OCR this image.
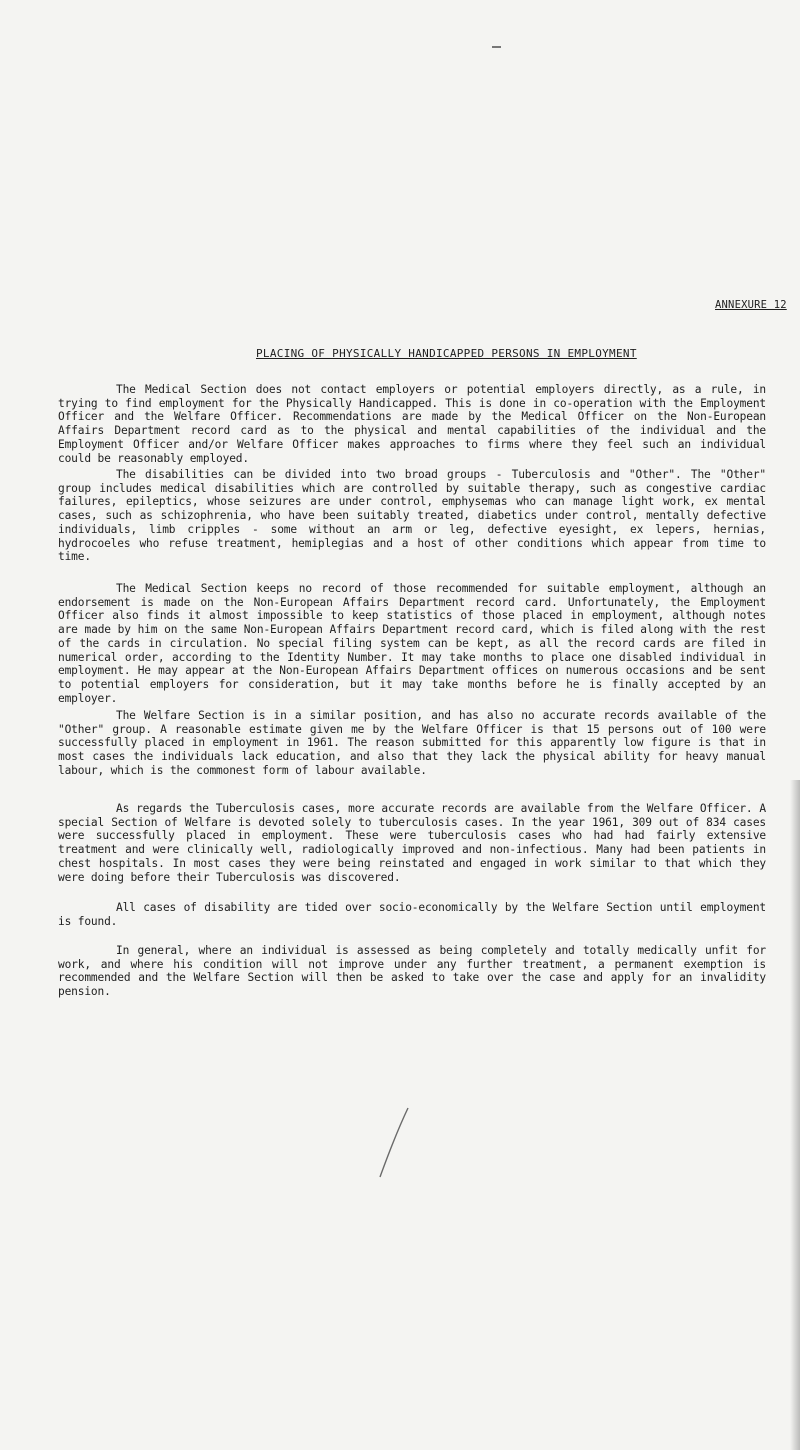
ANNEXURE 12
PLACING OF PHYSICALLY HANDICAPPED PERSONS IN EMPLOYMENT

The Medical Section does not contact employers or potential employers directly, as a rule, in trying to find employment for the Physically Handicapped. This is done in co-operation with the Employment Officer and the Welfare Officer. Recommendations are made by the Medical Officer on the Non-European Affairs Department record card as to the physical and mental capabilities of the individual and the Employment Officer and/or Welfare Officer makes approaches to firms where they feel such an individual could be reasonably employed.

The disabilities can be divided into two broad groups - Tuberculosis and "Other". The "Other" group includes medical disabilities which are controlled by suitable therapy, such as congestive cardiac failures, epileptics, whose seizures are under control, emphysemas who can manage light work, ex mental cases, such as schizophrenia, who have been suitably treated, diabetics under control, mentally defective individuals, limb cripples - some without an arm or leg, defective eyesight, ex lepers, hernias, hydrocoeles who refuse treatment, hemiplegias and a host of other conditions which appear from time to time.

The Medical Section keeps no record of those recommended for suitable employment, although an endorsement is made on the Non-European Affairs Department record card. Unfortunately, the Employment Officer also finds it almost impossible to keep statistics of those placed in employment, although notes are made by him on the same Non-European Affairs Department record card, which is filed along with the rest of the cards in circulation. No special filing system can be kept, as all the record cards are filed in numerical order, according to the Identity Number. It may take months to place one disabled individual in employment. He may appear at the Non-European Affairs Department offices on numerous occasions and be sent to potential employers for consideration, but it may take months before he is finally accepted by an employer.

The Welfare Section is in a similar position, and has also no accurate records available of the "Other" group. A reasonable estimate given me by the Welfare Officer is that 15 persons out of 100 were successfully placed in employment in 1961. The reason submitted for this apparently low figure is that in most cases the individuals lack education, and also that they lack the physical ability for heavy manual labour, which is the commonest form of labour available.

As regards the Tuberculosis cases, more accurate records are available from the Welfare Officer. A special Section of Welfare is devoted solely to tuberculosis cases. In the year 1961, 309 out of 834 cases were successfully placed in employment. These were tuberculosis cases who had had fairly extensive treatment and were clinically well, radiologically improved and non-infectious. Many had been patients in chest hospitals. In most cases they were being reinstated and engaged in work similar to that which they were doing before their Tuberculosis was discovered.

All cases of disability are tided over socio-economically by the Welfare Section until employment is found.

In general, where an individual is assessed as being completely and totally medically unfit for work, and where his condition will not improve under any further treatment, a permanent exemption is recommended and the Welfare Section will then be asked to take over the case and apply for an invalidity pension.
